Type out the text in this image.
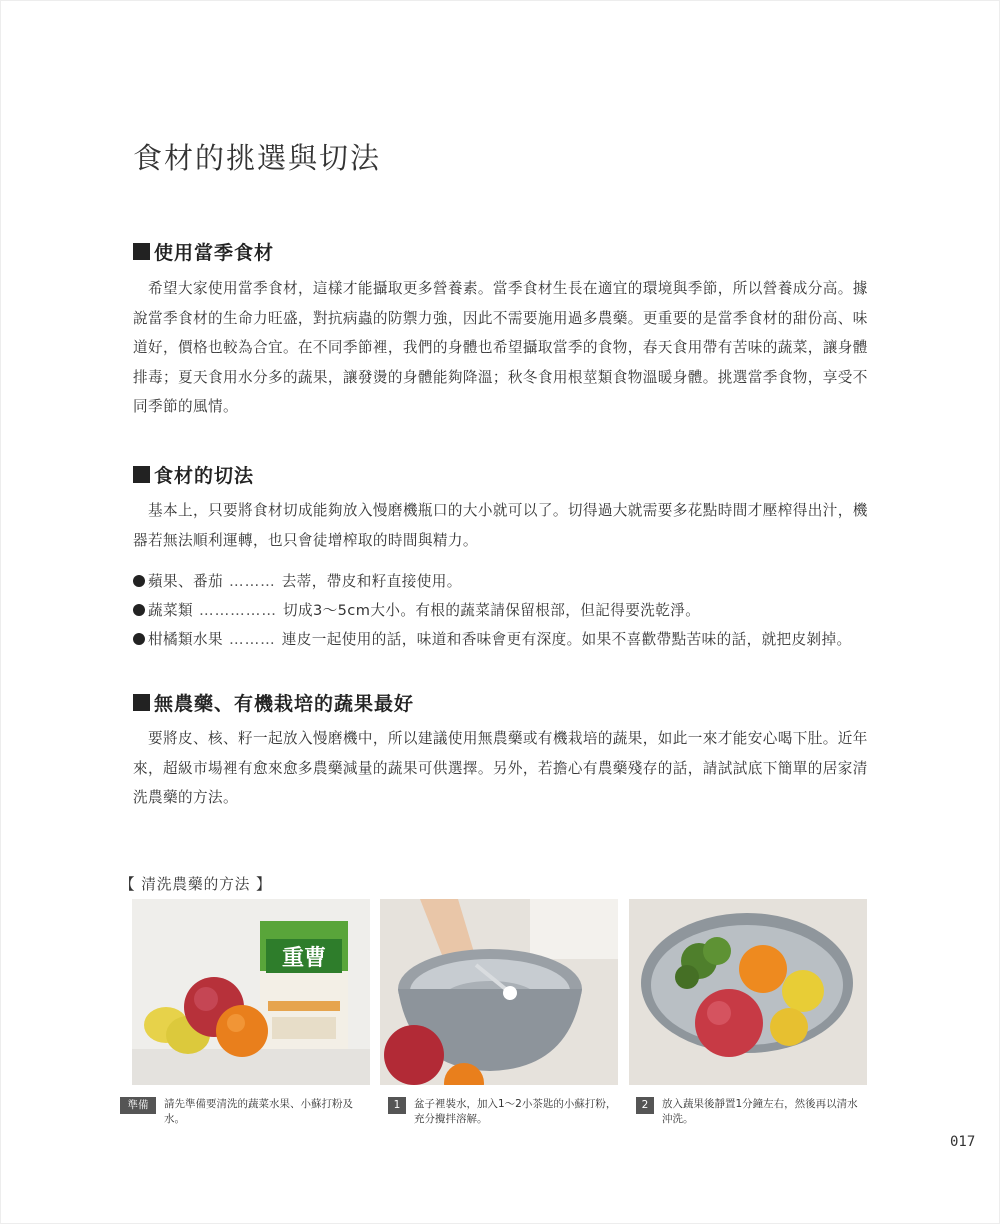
食材的挑選與切法
使用當季食材

希望大家使用當季食材，這樣才能攝取更多營養素。當季食材生長在適宜的環境與季節，所以營養成分高。據說當季食材的生命力旺盛，對抗病蟲的防禦力強，因此不需要施用過多農藥。更重要的是當季食材的甜份高、味道好，價格也較為合宜。在不同季節裡，我們的身體也希望攝取當季的食物，春天食用帶有苦味的蔬菜，讓身體排毒；夏天食用水分多的蔬果，讓發燙的身體能夠降溫；秋冬食用根莖類食物溫暖身體。挑選當季食物，享受不同季節的風情。

食材的切法

基本上，只要將食材切成能夠放入慢磨機瓶口的大小就可以了。切得過大就需要多花點時間才壓榨得出汁，機器若無法順利運轉，也只會徒增榨取的時間與精力。

蘋果、番茄 ……… 去蒂，帶皮和籽直接使用。
蔬菜類 …………… 切成3～5cm大小。有根的蔬菜請保留根部，但記得要洗乾淨。
柑橘類水果 ……… 連皮一起使用的話，味道和香味會更有深度。如果不喜歡帶點苦味的話，就把皮剝掉。
無農藥、有機栽培的蔬果最好

要將皮、核、籽一起放入慢磨機中，所以建議使用無農藥或有機栽培的蔬果，如此一來才能安心喝下肚。近年來，超級市場裡有愈來愈多農藥減量的蔬果可供選擇。另外，若擔心有農藥殘存的話，請試試底下簡單的居家清洗農藥的方法。

【 清洗農藥的方法 】
重曹
準備	請先準備要清洗的蔬菜水果、小蘇打粉及水。
1	盆子裡裝水，加入1～2小茶匙的小蘇打粉，充分攪拌溶解。
2	放入蔬果後靜置1分鐘左右，然後再以清水沖洗。
017
